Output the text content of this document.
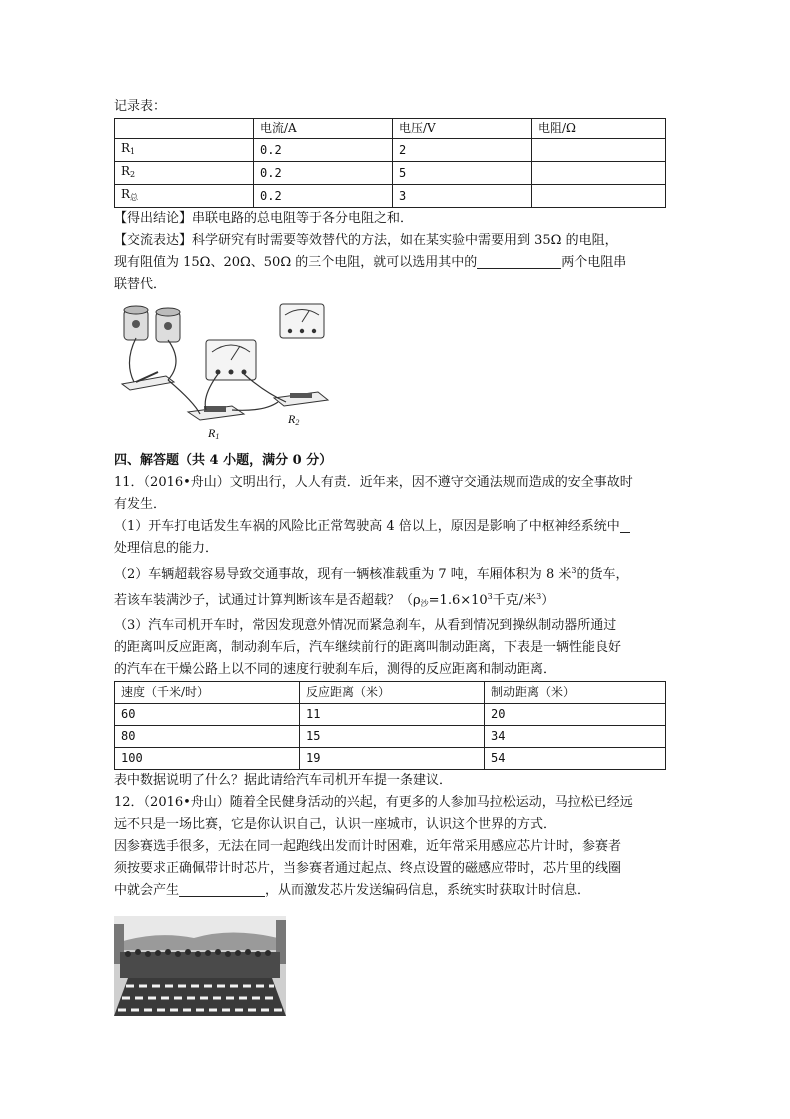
记录表：
	电流/A	电压/V	电阻/Ω
$R_1$	0.2	2	
$R_2$	0.2	5	
$R_总$	0.2	3	
【得出结论】串联电路的总电阻等于各分电阻之和．
【交流表达】科学研究有时需要等效替代的方法，如在某实验中需要用到 35Ω 的电阻，
现有阻值为 15Ω、20Ω、50Ω 的三个电阻，就可以选用其中的	两个电阻串
联替代．
$R_1$
$R_2$
四、解答题（共 4 小题，满分 0 分）
11．（2016•舟山）文明出行，人人有责．近年来，因不遵守交通法规而造成的安全事故时
有发生．
（1）开车打电话发生车祸的风险比正常驾驶高 4 倍以上，原因是影响了中枢神经系统中
处理信息的能力．
（2）车辆超载容易导致交通事故，现有一辆核准载重为 7 吨，车厢体积为 8 米$^3$的货车，
若该车装满沙子，试通过计算判断该车是否超载？（$\rho_沙=1.6\times 10^3$千克/米$^3$）
（3）汽车司机开车时，常因发现意外情况而紧急刹车，从看到情况到操纵制动器所通过
的距离叫反应距离，制动刹车后，汽车继续前行的距离叫制动距离，下表是一辆性能良好
的汽车在干燥公路上以不同的速度行驶刹车后，测得的反应距离和制动距离．
速度（千米/时）	反应距离（米）	制动距离（米）
60	11	20
80	15	34
100	19	54
表中数据说明了什么？据此请给汽车司机开车提一条建议．
12．（2016•舟山）随着全民健身活动的兴起，有更多的人参加马拉松运动，马拉松已经远
远不只是一场比赛，它是你认识自己，认识一座城市，认识这个世界的方式．
因参赛选手很多，无法在同一起跑线出发而计时困难，近年常采用感应芯片计时，参赛者
须按要求正确佩带计时芯片，当参赛者通过起点、终点设置的磁感应带时，芯片里的线圈
中就会产生	，从而激发芯片发送编码信息，系统实时获取计时信息．
